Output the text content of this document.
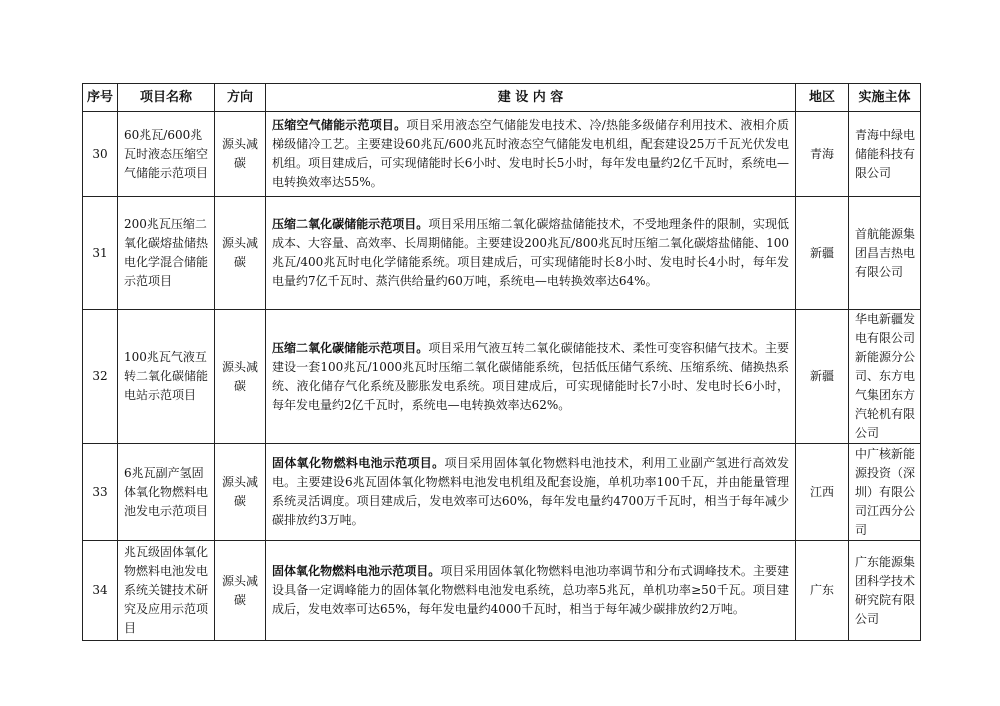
序号	项目名称	方向	建 设 内 容	地区	实施主体
30	60兆瓦/600兆瓦时液态压缩空气储能示范项目	源头减碳	压缩空气储能示范项目。项目采用液态空气储能发电技术、冷/热能多级储存利用技术、液相介质梯级储冷工艺。主要建设60兆瓦/600兆瓦时液态空气储能发电机组，配套建设25万千瓦光伏发电机组。项目建成后，可实现储能时长6小时、发电时长5小时，每年发电量约2亿千瓦时，系统电—电转换效率达55%。	青海	青海中绿电储能科技有限公司
31	200兆瓦压缩二氧化碳熔盐储热电化学混合储能示范项目	源头减碳	压缩二氧化碳储能示范项目。项目采用压缩二氧化碳熔盐储能技术，不受地理条件的限制，实现低成本、大容量、高效率、长周期储能。主要建设200兆瓦/800兆瓦时压缩二氧化碳熔盐储能、100兆瓦/400兆瓦时电化学储能系统。项目建成后，可实现储能时长8小时、发电时长4小时，每年发电量约7亿千瓦时、蒸汽供给量约60万吨，系统电—电转换效率达64%。	新疆	首航能源集团昌吉热电有限公司
32	100兆瓦气液互转二氧化碳储能电站示范项目	源头减碳	压缩二氧化碳储能示范项目。项目采用气液互转二氧化碳储能技术、柔性可变容积储气技术。主要建设一套100兆瓦/1000兆瓦时压缩二氧化碳储能系统，包括低压储气系统、压缩系统、储换热系统、液化储存气化系统及膨胀发电系统。项目建成后，可实现储能时长7小时、发电时长6小时，每年发电量约2亿千瓦时，系统电—电转换效率达62%。	新疆	华电新疆发电有限公司新能源分公司、东方电气集团东方汽轮机有限公司
33	6兆瓦副产氢固体氧化物燃料电池发电示范项目	源头减碳	固体氧化物燃料电池示范项目。项目采用固体氧化物燃料电池技术，利用工业副产氢进行高效发电。主要建设6兆瓦固体氧化物燃料电池发电机组及配套设施，单机功率100千瓦，并由能量管理系统灵活调度。项目建成后，发电效率可达60%，每年发电量约4700万千瓦时，相当于每年减少碳排放约3万吨。	江西	中广核新能源投资（深圳）有限公司江西分公司
34	兆瓦级固体氧化物燃料电池发电系统关键技术研究及应用示范项目	源头减碳	固体氧化物燃料电池示范项目。项目采用固体氧化物燃料电池功率调节和分布式调峰技术。主要建设具备一定调峰能力的固体氧化物燃料电池发电系统，总功率5兆瓦，单机功率≥50千瓦。项目建成后，发电效率可达65%，每年发电量约4000千瓦时，相当于每年减少碳排放约2万吨。	广东	广东能源集团科学技术研究院有限公司
